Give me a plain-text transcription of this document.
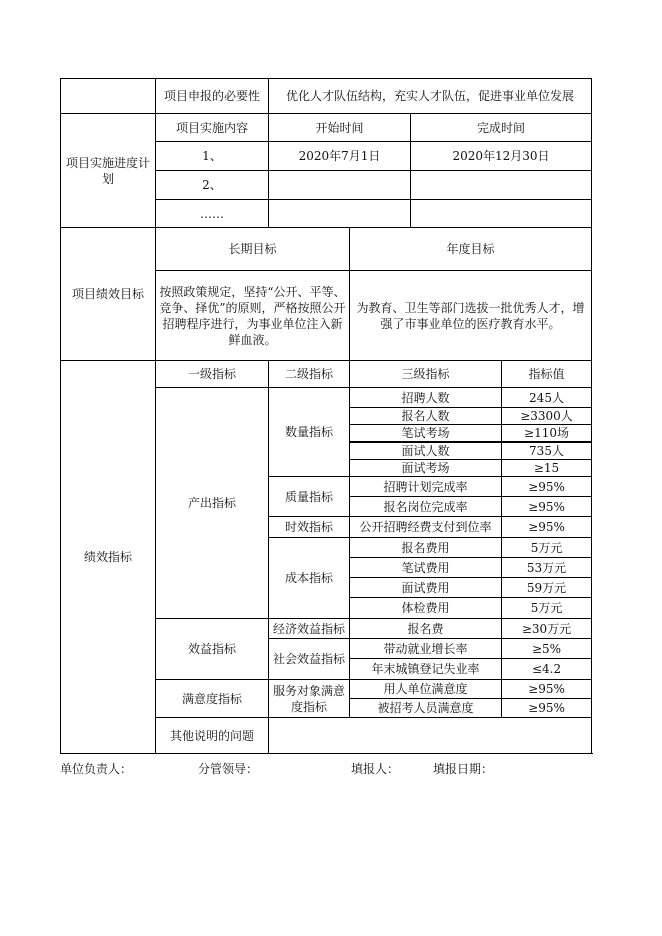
	项目申报的必要性	优化人才队伍结构，充实人才队伍，促进事业单位发展			
项目实施进度计划	项目实施内容	开始时间		完成时间	
	1、	2020年7月1日		2020年12月30日	
	2、				
	……				
项目绩效目标	长期目标		年度目标		
	按照政策规定，坚持“公开、平等、竞争、择优”的原则，严格按照公开招聘程序进行，为事业单位注入新鲜血液。		为教育、卫生等部门选拔一批优秀人才，增强了市事业单位的医疗教育水平。		
绩效指标	一级指标	二级指标	三级指标		指标值
	产出指标	数量指标	招聘人数		245人
			报名人数		≥3300人
			笔试考场		≥110场
			面试人数		735人
			面试考场		≥15
		质量指标	招聘计划完成率		≥95%
			报名岗位完成率		≥95%
		时效指标	公开招聘经费支付到位率		≥95%
		成本指标	报名费用		5万元
			笔试费用		53万元
			面试费用		59万元
			体检费用		5万元
	效益指标	经济效益指标	报名费		≥30万元
		社会效益指标	带动就业增长率		≥5%
			年末城镇登记失业率		≤4.2
	满意度指标	服务对象满意度指标	用人单位满意度		≥95%
			被招考人员满意度		≥95%
	其他说明的问题				
单位负责人：	分管领导：	填报人：	填报日期：
